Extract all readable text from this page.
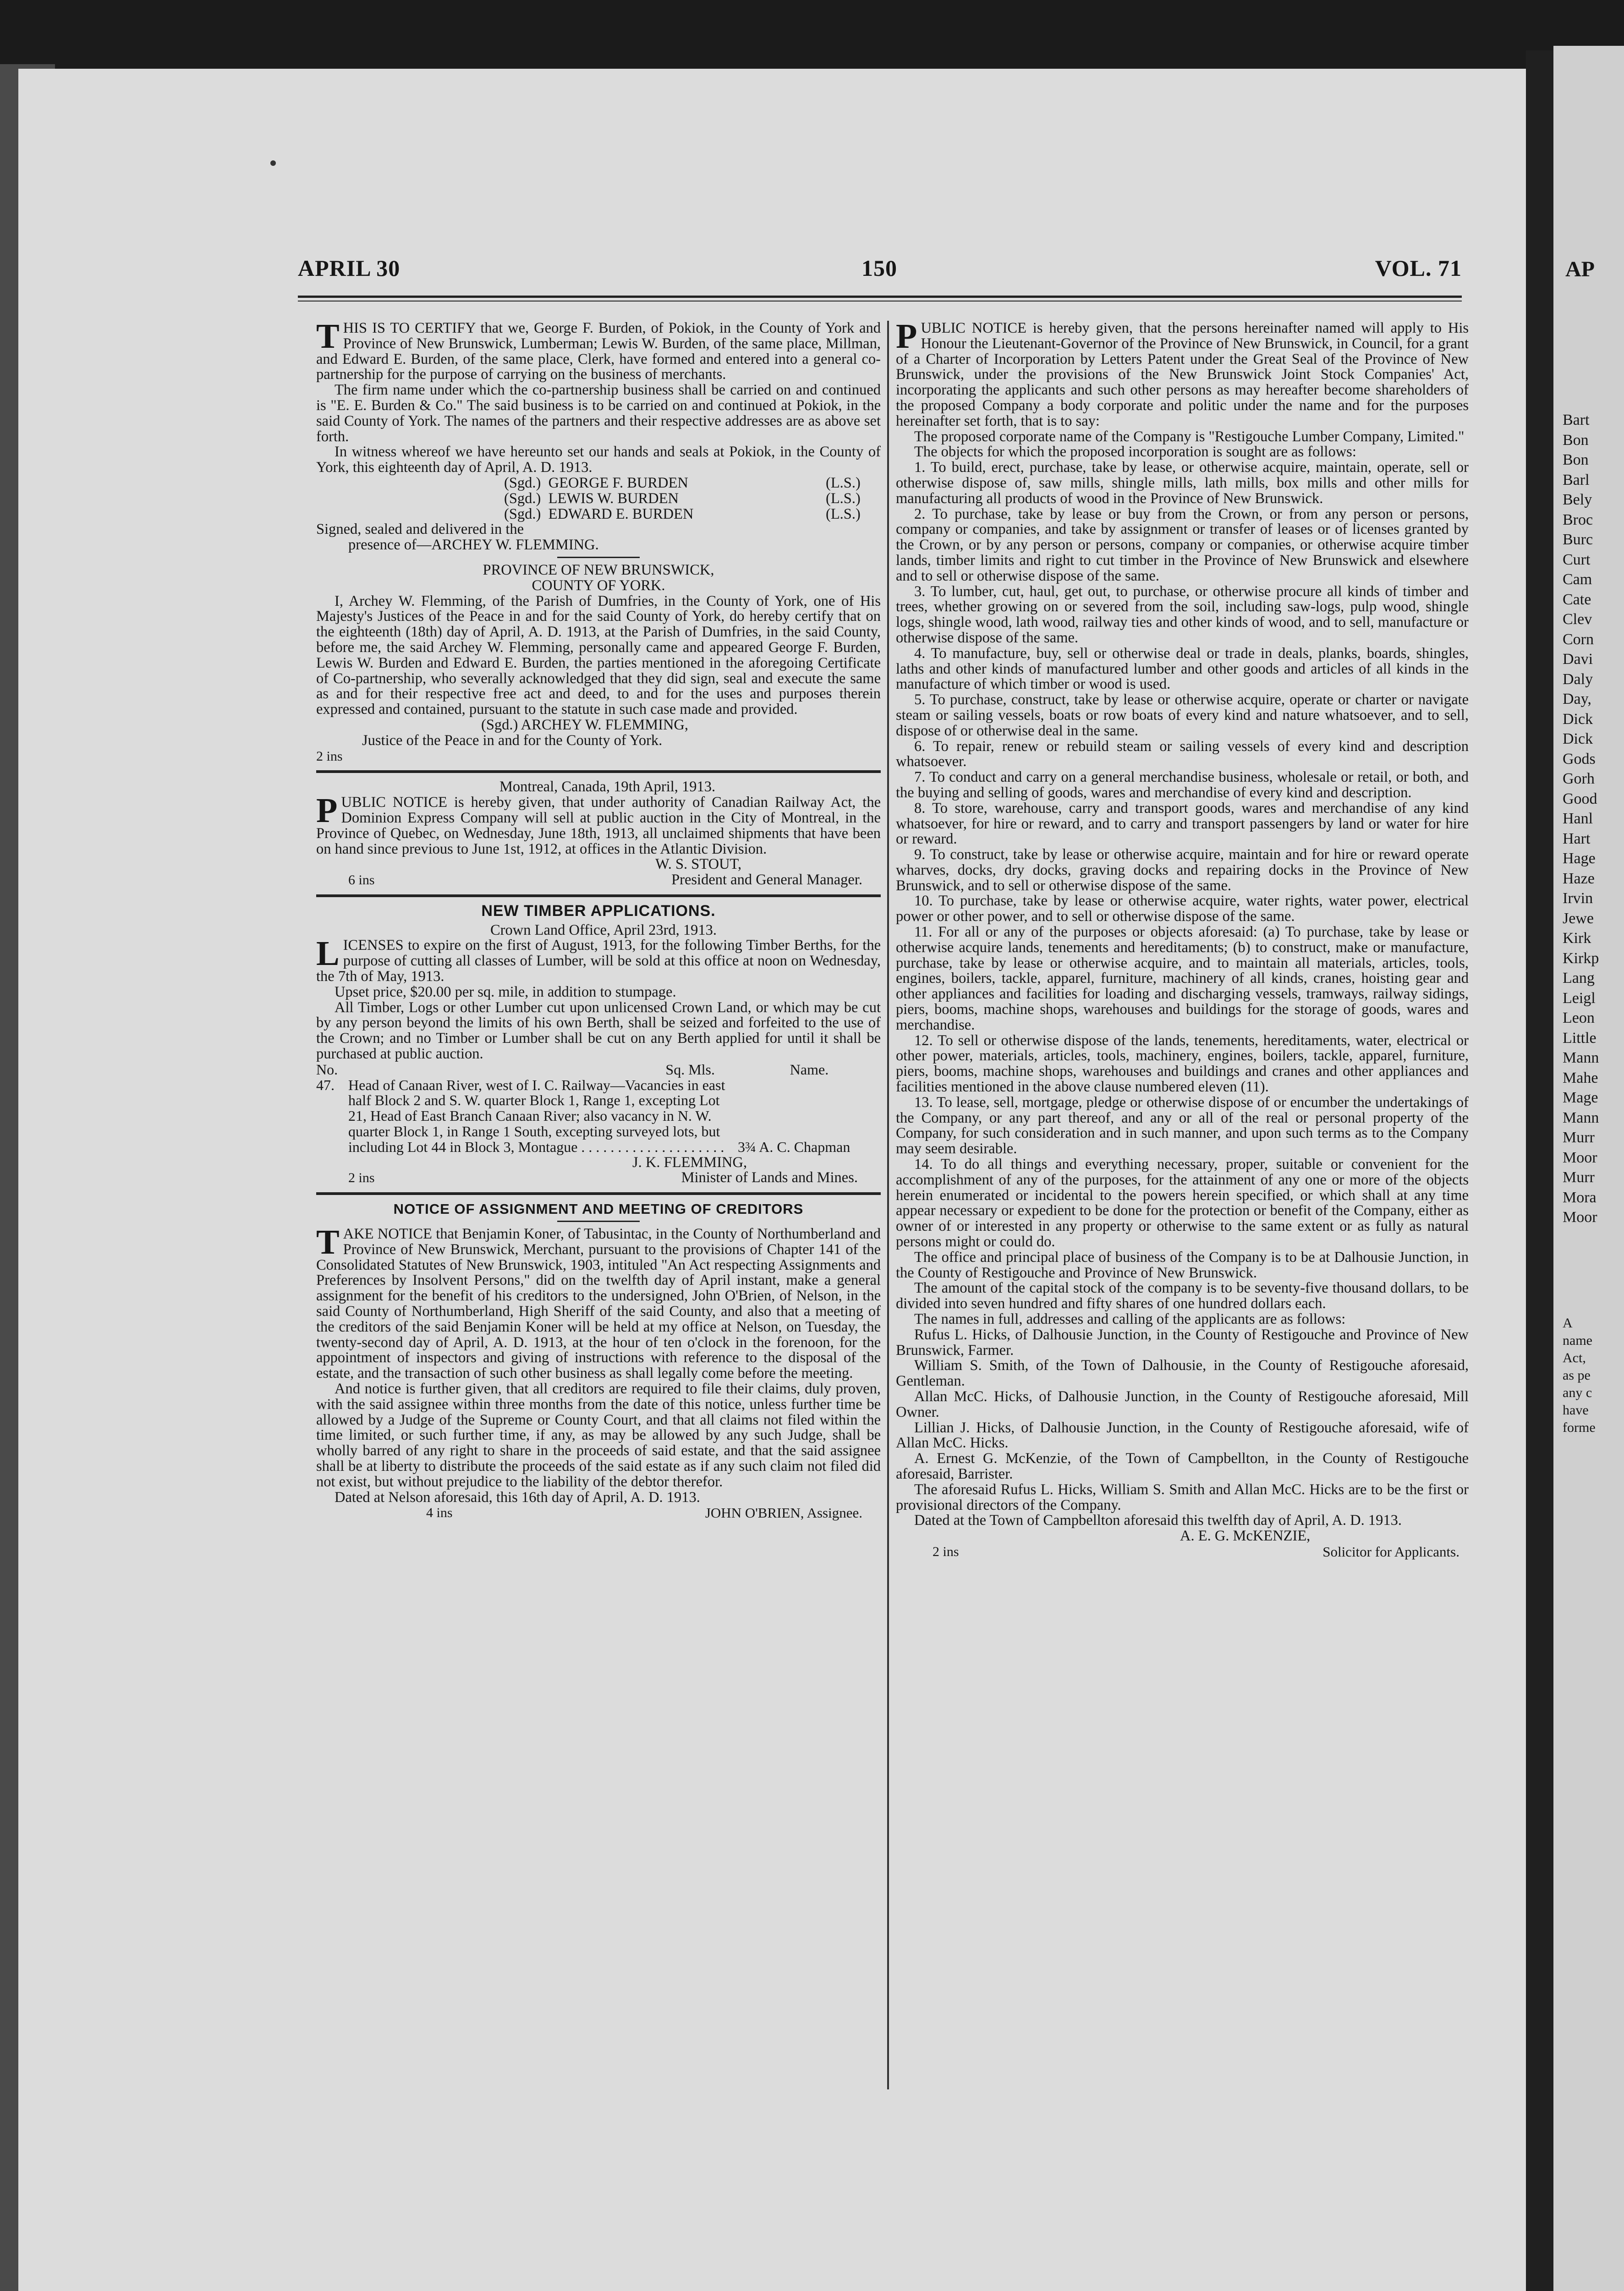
AP
Bart
Bon
Bon
Barl
Bely
Broc
Burc
Curt
Cam
Cate
Clev
Corn
Davi
Daly
Day,
Dick
Dick
Gods
Gorh
Good
Hanl
Hart
Hage
Haze
Irvin
Jewe
Kirk
Kirkp
Lang
Leigl
Leon
Little
Mann
Mahe
Mage
Mann
Murr
Moor
Murr
Mora
Moor
A
name
Act,
as pe
any c
have
forme
APRIL 30	150	VOL. 71

THIS IS TO CERTIFY that we, George F. Burden, of Pokiok, in the County of York and Province of New Brunswick, Lumberman; Lewis W. Burden, of the same place, Millman, and Edward E. Burden, of the same place, Clerk, have formed and entered into a general co-partnership for the purpose of carrying on the business of merchants.

The firm name under which the co-partnership business shall be carried on and continued is "E. E. Burden & Co." The said business is to be carried on and continued at Pokiok, in the said County of York. The names of the partners and their respective addresses are as above set forth.

In witness whereof we have hereunto set our hands and seals at Pokiok, in the County of York, this eighteenth day of April, A. D. 1913.

(Sgd.)  GEORGE F. BURDEN	(L.S.)
(Sgd.)  LEWIS W. BURDEN	(L.S.)
(Sgd.)  EDWARD E. BURDEN	(L.S.)

Signed, sealed and delivered in the

presence of—ARCHEY W. FLEMMING.

PROVINCE OF NEW BRUNSWICK,

COUNTY OF YORK.

I, Archey W. Flemming, of the Parish of Dumfries, in the County of York, one of His Majesty's Justices of the Peace in and for the said County of York, do hereby certify that on the eighteenth (18th) day of April, A. D. 1913, at the Parish of Dumfries, in the said County, before me, the said Archey W. Flemming, personally came and appeared George F. Burden, Lewis W. Burden and Edward E. Burden, the parties mentioned in the aforegoing Certificate of Co-partnership, who severally acknowledged that they did sign, seal and execute the same as and for their respective free act and deed, to and for the uses and purposes therein expressed and contained, pursuant to the statute in such case made and provided.

(Sgd.) ARCHEY W. FLEMMING,

Justice of the Peace in and for the County of York.

2 ins

Montreal, Canada, 19th April, 1913.

PUBLIC NOTICE is hereby given, that under authority of Canadian Railway Act, the Dominion Express Company will sell at public auction in the City of Montreal, in the Province of Quebec, on Wednesday, June 18th, 1913, all unclaimed shipments that have been on hand since previous to June 1st, 1912, at offices in the Atlantic Division.

W. S. STOUT,

6 ins	President and General Manager.
NEW TIMBER APPLICATIONS.

Crown Land Office, April 23rd, 1913.

LICENSES to expire on the first of August, 1913, for the following Timber Berths, for the purpose of cutting all classes of Lumber, will be sold at this office at noon on Wednesday, the 7th of May, 1913.

Upset price, $20.00 per sq. mile, in addition to stumpage.

All Timber, Logs or other Lumber cut upon unlicensed Crown Land, or which may be cut by any person beyond the limits of his own Berth, shall be seized and forfeited to the use of the Crown; and no Timber or Lumber shall be cut on any Berth applied for until it shall be purchased at public auction.

No.	Sq. Mls.	Name.
47.	Head of Canaan River, west of I. C. Railway—Vacancies in east half Block 2 and S. W. quarter Block 1, Range 1, excepting Lot 21, Head of East Branch Canaan River; also vacancy in N. W. quarter Block 1, in Range 1 South, excepting surveyed lots, but including Lot 44 in Block 3, Montague . . . . . . . . . . . . . . . . . . . .	3¾ A. C. Chapman

J. K. FLEMMING,

2 ins	Minister of Lands and Mines.
NOTICE OF ASSIGNMENT AND MEETING OF CREDITORS

TAKE NOTICE that Benjamin Koner, of Tabusintac, in the County of Northumberland and Province of New Brunswick, Merchant, pursuant to the provisions of Chapter 141 of the Consolidated Statutes of New Brunswick, 1903, intituled "An Act respecting Assignments and Preferences by Insolvent Persons," did on the twelfth day of April instant, make a general assignment for the benefit of his creditors to the undersigned, John O'Brien, of Nelson, in the said County of Northumberland, High Sheriff of the said County, and also that a meeting of the creditors of the said Benjamin Koner will be held at my office at Nelson, on Tuesday, the twenty-second day of April, A. D. 1913, at the hour of ten o'clock in the forenoon, for the appointment of inspectors and giving of instructions with reference to the disposal of the estate, and the transaction of such other business as shall legally come before the meeting.

And notice is further given, that all creditors are required to file their claims, duly proven, with the said assignee within three months from the date of this notice, unless further time be allowed by a Judge of the Supreme or County Court, and that all claims not filed within the time limited, or such further time, if any, as may be allowed by any such Judge, shall be wholly barred of any right to share in the proceeds of said estate, and that the said assignee shall be at liberty to distribute the proceeds of the said estate as if any such claim not filed did not exist, but without prejudice to the liability of the debtor therefor.

Dated at Nelson aforesaid, this 16th day of April, A. D. 1913.

4 ins	JOHN O'BRIEN, Assignee.

PUBLIC NOTICE is hereby given, that the persons hereinafter named will apply to His Honour the Lieutenant-Governor of the Province of New Brunswick, in Council, for a grant of a Charter of Incorporation by Letters Patent under the Great Seal of the Province of New Brunswick, under the provisions of the New Brunswick Joint Stock Companies' Act, incorporating the applicants and such other persons as may hereafter become shareholders of the proposed Company a body corporate and politic under the name and for the purposes hereinafter set forth, that is to say:

The proposed corporate name of the Company is "Restigouche Lumber Company, Limited."

The objects for which the proposed incorporation is sought are as follows:

1. To build, erect, purchase, take by lease, or otherwise acquire, maintain, operate, sell or otherwise dispose of, saw mills, shingle mills, lath mills, box mills and other mills for manufacturing all products of wood in the Province of New Brunswick.

2. To purchase, take by lease or buy from the Crown, or from any person or persons, company or companies, and take by assignment or transfer of leases or of licenses granted by the Crown, or by any person or persons, company or companies, or otherwise acquire timber lands, timber limits and right to cut timber in the Province of New Brunswick and elsewhere and to sell or otherwise dispose of the same.

3. To lumber, cut, haul, get out, to purchase, or otherwise procure all kinds of timber and trees, whether growing on or severed from the soil, including saw-logs, pulp wood, shingle logs, shingle wood, lath wood, railway ties and other kinds of wood, and to sell, manufacture or otherwise dispose of the same.

4. To manufacture, buy, sell or otherwise deal or trade in deals, planks, boards, shingles, laths and other kinds of manufactured lumber and other goods and articles of all kinds in the manufacture of which timber or wood is used.

5. To purchase, construct, take by lease or otherwise acquire, operate or charter or navigate steam or sailing vessels, boats or row boats of every kind and nature whatsoever, and to sell, dispose of or otherwise deal in the same.

6. To repair, renew or rebuild steam or sailing vessels of every kind and description whatsoever.

7. To conduct and carry on a general merchandise business, wholesale or retail, or both, and the buying and selling of goods, wares and merchandise of every kind and description.

8. To store, warehouse, carry and transport goods, wares and merchandise of any kind whatsoever, for hire or reward, and to carry and transport passengers by land or water for hire or reward.

9. To construct, take by lease or otherwise acquire, maintain and for hire or reward operate wharves, docks, dry docks, graving docks and repairing docks in the Province of New Brunswick, and to sell or otherwise dispose of the same.

10. To purchase, take by lease or otherwise acquire, water rights, water power, electrical power or other power, and to sell or otherwise dispose of the same.

11. For all or any of the purposes or objects aforesaid: (a) To purchase, take by lease or otherwise acquire lands, tenements and hereditaments; (b) to construct, make or manufacture, purchase, take by lease or otherwise acquire, and to maintain all materials, articles, tools, engines, boilers, tackle, apparel, furniture, machinery of all kinds, cranes, hoisting gear and other appliances and facilities for loading and discharging vessels, tramways, railway sidings, piers, booms, machine shops, warehouses and buildings for the storage of goods, wares and merchandise.

12. To sell or otherwise dispose of the lands, tenements, hereditaments, water, electrical or other power, materials, articles, tools, machinery, engines, boilers, tackle, apparel, furniture, piers, booms, machine shops, warehouses and buildings and cranes and other appliances and facilities mentioned in the above clause numbered eleven (11).

13. To lease, sell, mortgage, pledge or otherwise dispose of or encumber the undertakings of the Company, or any part thereof, and any or all of the real or personal property of the Company, for such consideration and in such manner, and upon such terms as to the Company may seem desirable.

14. To do all things and everything necessary, proper, suitable or convenient for the accomplishment of any of the purposes, for the attainment of any one or more of the objects herein enumerated or incidental to the powers herein specified, or which shall at any time appear necessary or expedient to be done for the protection or benefit of the Company, either as owner of or interested in any property or otherwise to the same extent or as fully as natural persons might or could do.

The office and principal place of business of the Company is to be at Dalhousie Junction, in the County of Restigouche and Province of New Brunswick.

The amount of the capital stock of the company is to be seventy-five thousand dollars, to be divided into seven hundred and fifty shares of one hundred dollars each.

The names in full, addresses and calling of the applicants are as follows:

Rufus L. Hicks, of Dalhousie Junction, in the County of Restigouche and Province of New Brunswick, Farmer.

William S. Smith, of the Town of Dalhousie, in the County of Restigouche aforesaid, Gentleman.

Allan McC. Hicks, of Dalhousie Junction, in the County of Restigouche aforesaid, Mill Owner.

Lillian J. Hicks, of Dalhousie Junction, in the County of Restigouche aforesaid, wife of Allan McC. Hicks.

A. Ernest G. McKenzie, of the Town of Campbellton, in the County of Restigouche aforesaid, Barrister.

The aforesaid Rufus L. Hicks, William S. Smith and Allan McC. Hicks are to be the first or provisional directors of the Company.

Dated at the Town of Campbellton aforesaid this twelfth day of April, A. D. 1913.

A. E. G. McKENZIE,

2 ins	Solicitor for Applicants.
